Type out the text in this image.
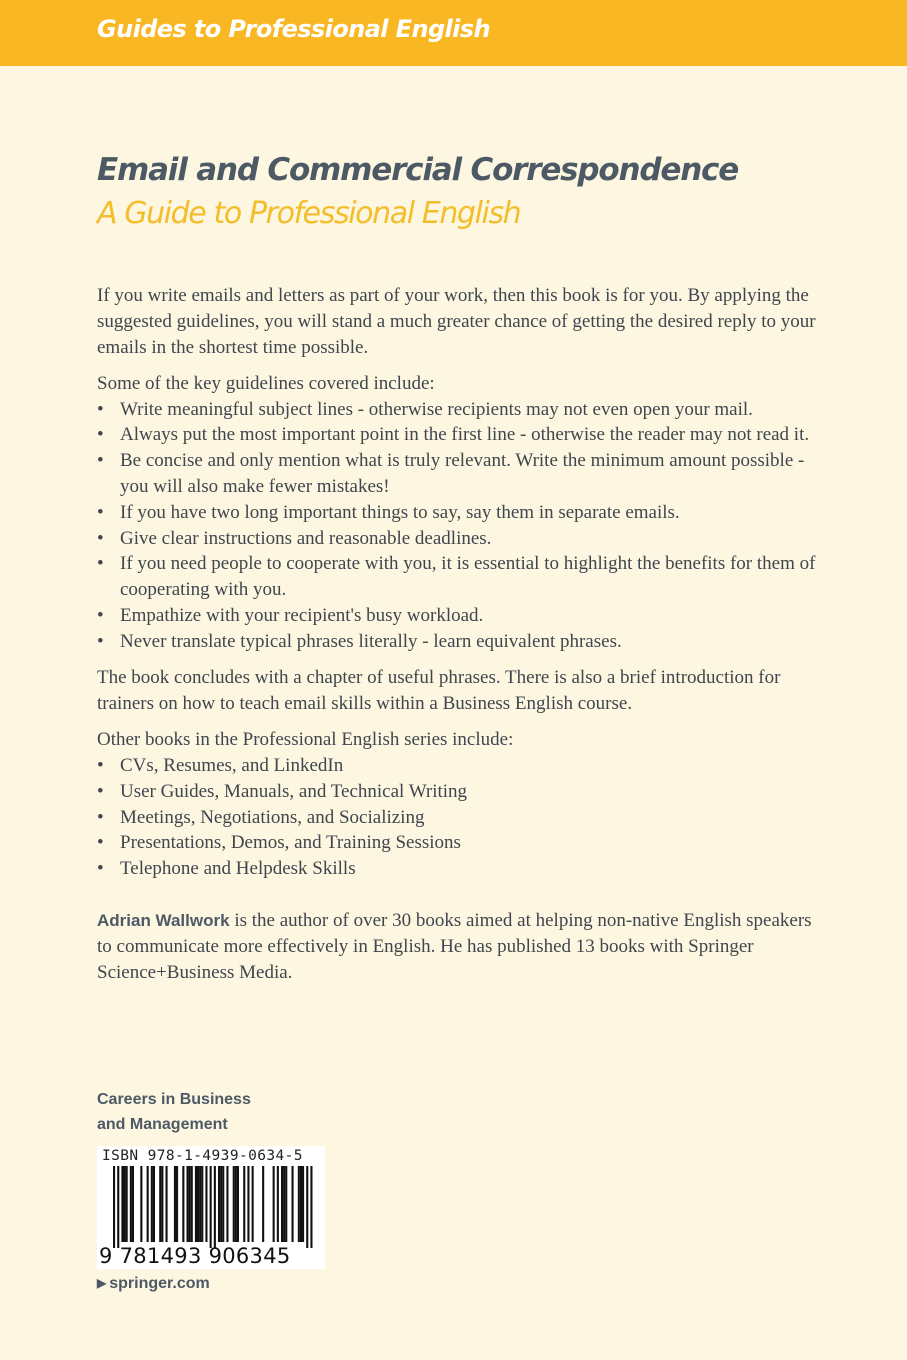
Guides to Professional English
Email and Commercial Correspondence
A Guide to Professional English

If you write emails and letters as part of your work, then this book is for you. By applying the suggested guidelines, you will stand a much greater chance of getting the desired reply to your emails in the shortest time possible.

Some of the key guidelines covered include:
• Write meaningful subject lines - otherwise recipients may not even open your mail.
• Always put the most important point in the first line - otherwise the reader may not read it.
• Be concise and only mention what is truly relevant. Write the minimum amount possible - you will also make fewer mistakes!
• If you have two long important things to say, say them in separate emails.
• Give clear instructions and reasonable deadlines.
• If you need people to cooperate with you, it is essential to highlight the benefits for them of cooperating with you.
• Empathize with your recipient's busy workload.
• Never translate typical phrases literally - learn equivalent phrases.

The book concludes with a chapter of useful phrases. There is also a brief introduction for trainers on how to teach email skills within a Business English course.

Other books in the Professional English series include:
• CVs, Resumes, and LinkedIn
• User Guides, Manuals, and Technical Writing
• Meetings, Negotiations, and Socializing
• Presentations, Demos, and Training Sessions
• Telephone and Helpdesk Skills

Adrian Wallwork is the author of over 30 books aimed at helping non-native English speakers to communicate more effectively in English. He has published 13 books with Springer Science+Business Media.

Careers in Business
and Management
ISBN 978-1-4939-0634-5
9 781493 906345
▶ springer.com
